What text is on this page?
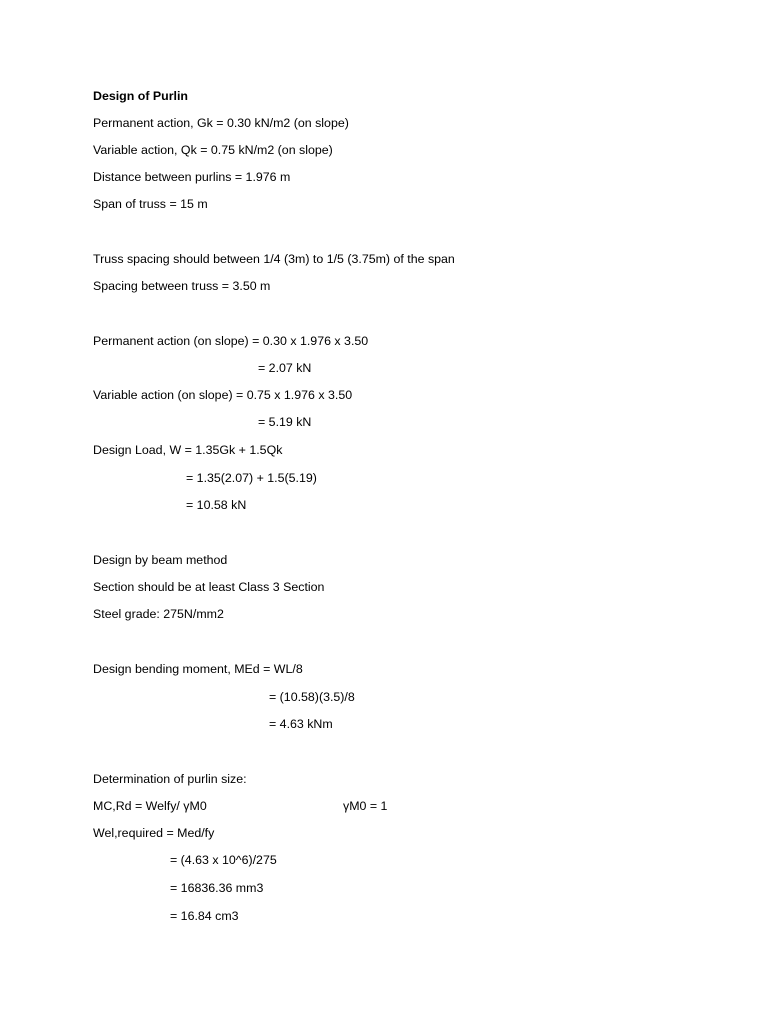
Design of Purlin
Permanent action, Gk = 0.30 kN/m2 (on slope)
Variable action, Qk = 0.75 kN/m2 (on slope)
Distance between purlins = 1.976 m
Span of truss = 15 m
Truss spacing should between 1/4 (3m) to 1/5 (3.75m) of the span
Spacing between truss = 3.50 m
Permanent action (on slope) = 0.30 x 1.976 x 3.50
= 2.07 kN
Variable action (on slope) = 0.75 x 1.976 x 3.50
= 5.19 kN
Design Load, W = 1.35Gk + 1.5Qk
= 1.35(2.07) + 1.5(5.19)
= 10.58 kN
Design by beam method
Section should be at least Class 3 Section
Steel grade: 275N/mm2
Design bending moment, MEd = WL/8
= (10.58)(3.5)/8
= 4.63 kNm
Determination of purlin size:
MC,Rd = Welfy/ γM0	γM0 = 1
Wel,required = Med/fy
= (4.63 x 10^6)/275
= 16836.36 mm3
= 16.84 cm3
